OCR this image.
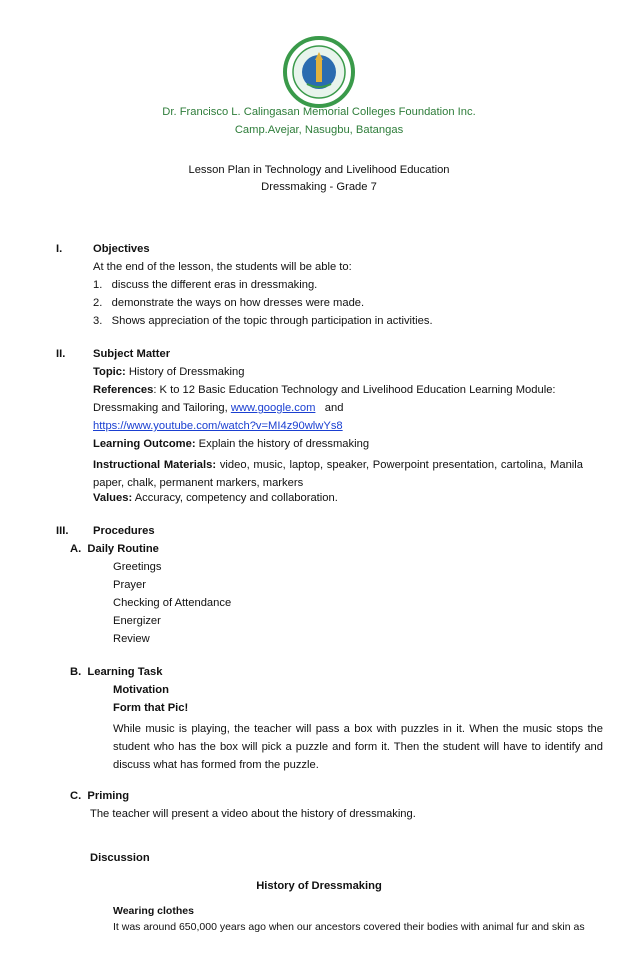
Dr. Francisco L. Calingasan Memorial Colleges Foundation Inc.
Camp.Avejar, Nasugbu, Batangas
Lesson Plan in Technology and Livelihood Education
Dressmaking - Grade 7
I.	Objectives
At the end of the lesson, the students will be able to:
1. discuss the different eras in dressmaking.
2. demonstrate the ways on how dresses were made.
3. Shows appreciation of the topic through participation in activities.
II. Subject Matter
Topic: History of Dressmaking
References: K to 12 Basic Education Technology and Livelihood Education Learning Module:
Dressmaking and Tailoring, www.google.com and
https://www.youtube.com/watch?v=MI4z90wlwYs8
Learning Outcome: Explain the history of dressmaking
Instructional Materials: video, music, laptop, speaker, Powerpoint presentation, cartolina, Manila paper, chalk, permanent markers, markers
Values: Accuracy, competency and collaboration.
III. Procedures
A.  Daily Routine
Greetings
Prayer
Checking of Attendance
Energizer
Review
B.  Learning Task
Motivation
Form that Pic!
While music is playing, the teacher will pass a box with puzzles in it. When the music stops the student who has the box will pick a puzzle and form it. Then the student will have to identify and discuss what has formed from the puzzle.
C.  Priming
The teacher will present a video about the history of dressmaking.
Discussion
History of Dressmaking
Wearing clothes
It was around 650,000 years ago when our ancestors covered their bodies with animal fur and skin as
